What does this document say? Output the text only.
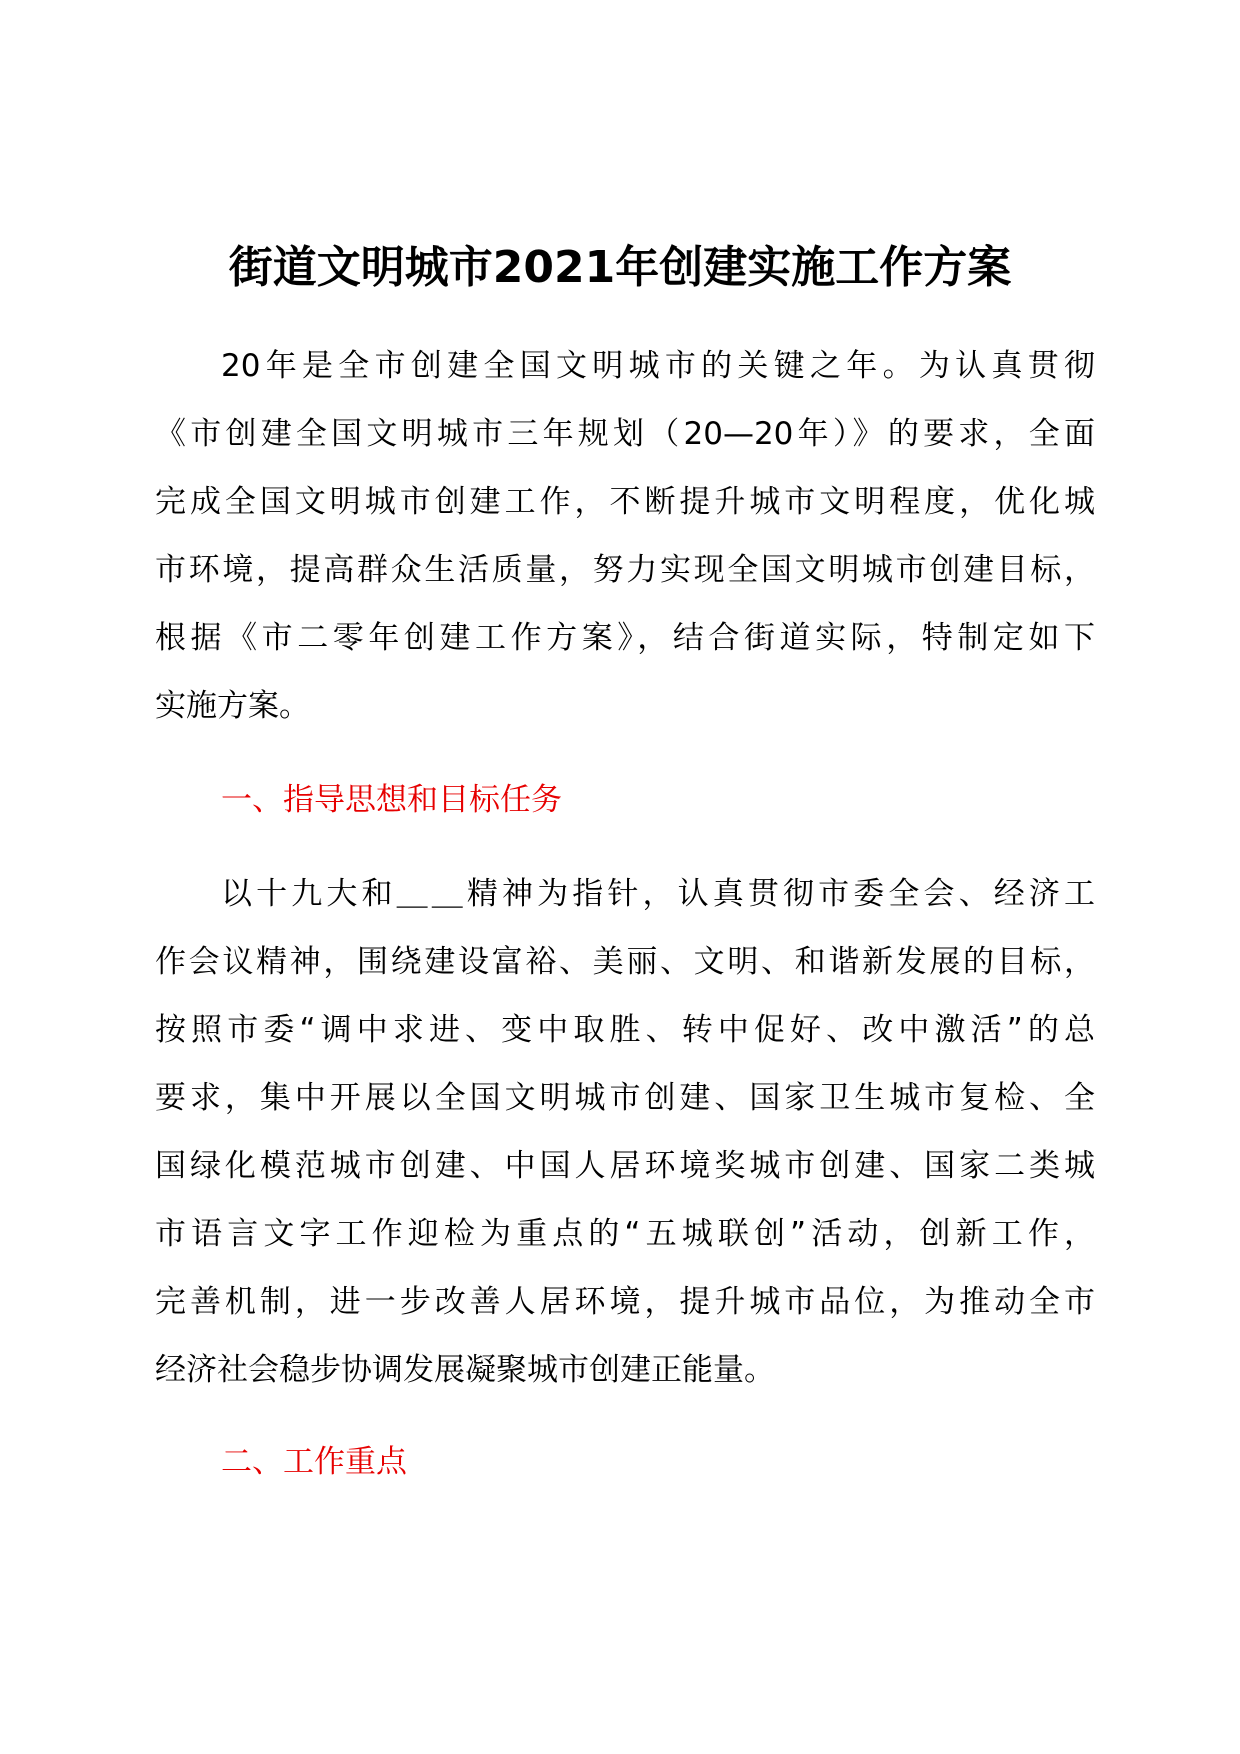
街道文明城市2021年创建实施工作方案
20年是全市创建全国文明城市的关键之年。为认真贯彻
《市创建全国文明城市三年规划（20—20年）》的要求，全面
完成全国文明城市创建工作，不断提升城市文明程度，优化城
市环境，提高群众生活质量，努力实现全国文明城市创建目标，
根据《市二零年创建工作方案》，结合街道实际，特制定如下
实施方案。
一、指导思想和目标任务
以十九大和＿＿精神为指针，认真贯彻市委全会、经济工
作会议精神，围绕建设富裕、美丽、文明、和谐新发展的目标，
按照市委“调中求进、变中取胜、转中促好、改中激活”的总
要求，集中开展以全国文明城市创建、国家卫生城市复检、全
国绿化模范城市创建、中国人居环境奖城市创建、国家二类城
市语言文字工作迎检为重点的“五城联创”活动，创新工作，
完善机制，进一步改善人居环境，提升城市品位，为推动全市
经济社会稳步协调发展凝聚城市创建正能量。
二、工作重点
